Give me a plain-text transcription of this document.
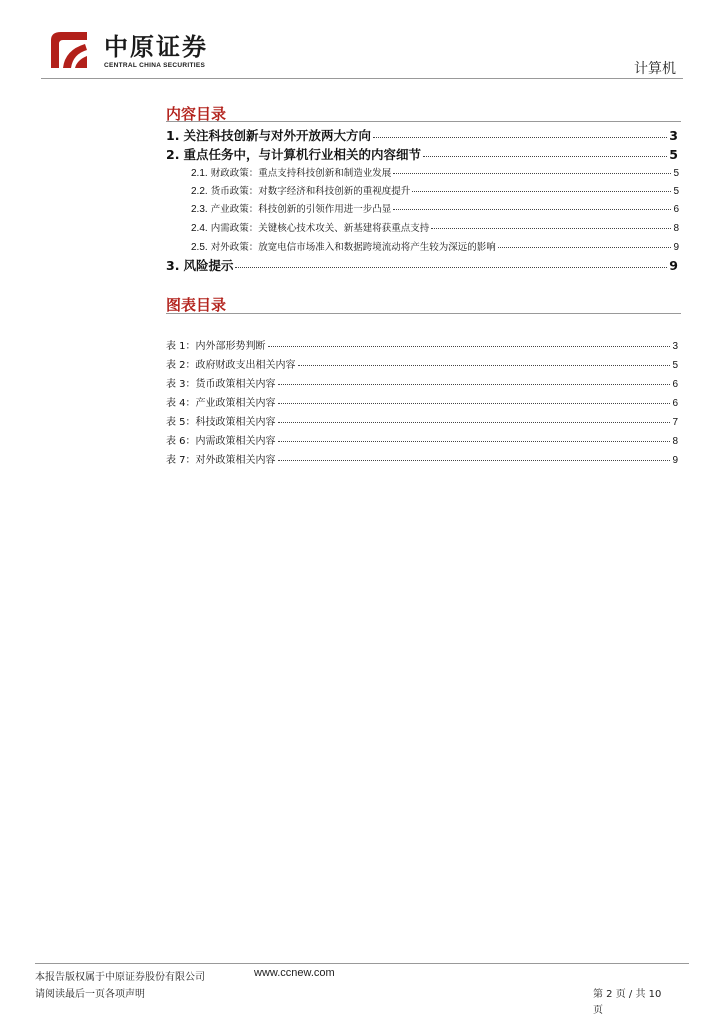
中原证券
CENTRAL CHINA SECURITIES	计算机
内容目录
1. 关注科技创新与对外开放两大方向	3
2. 重点任务中，与计算机行业相关的内容细节	5
2.1. 财政政策：重点支持科技创新和制造业发展	5
2.2. 货币政策：对数字经济和科技创新的重视度提升	5
2.3. 产业政策：科技创新的引领作用进一步凸显	6
2.4. 内需政策：关键核心技术攻关、新基建将获重点支持	8
2.5. 对外政策：放宽电信市场准入和数据跨境流动将产生较为深远的影响	9
3. 风险提示	9
图表目录
表 1：内外部形势判断	3
表 2：政府财政支出相关内容	5
表 3：货币政策相关内容	6
表 4：产业政策相关内容	6
表 5：科技政策相关内容	7
表 6：内需政策相关内容	8
表 7：对外政策相关内容	9
本报告版权属于中原证券股份有限公司	www.ccnew.com
请阅读最后一页各项声明	第 2 页 / 共 10
页
